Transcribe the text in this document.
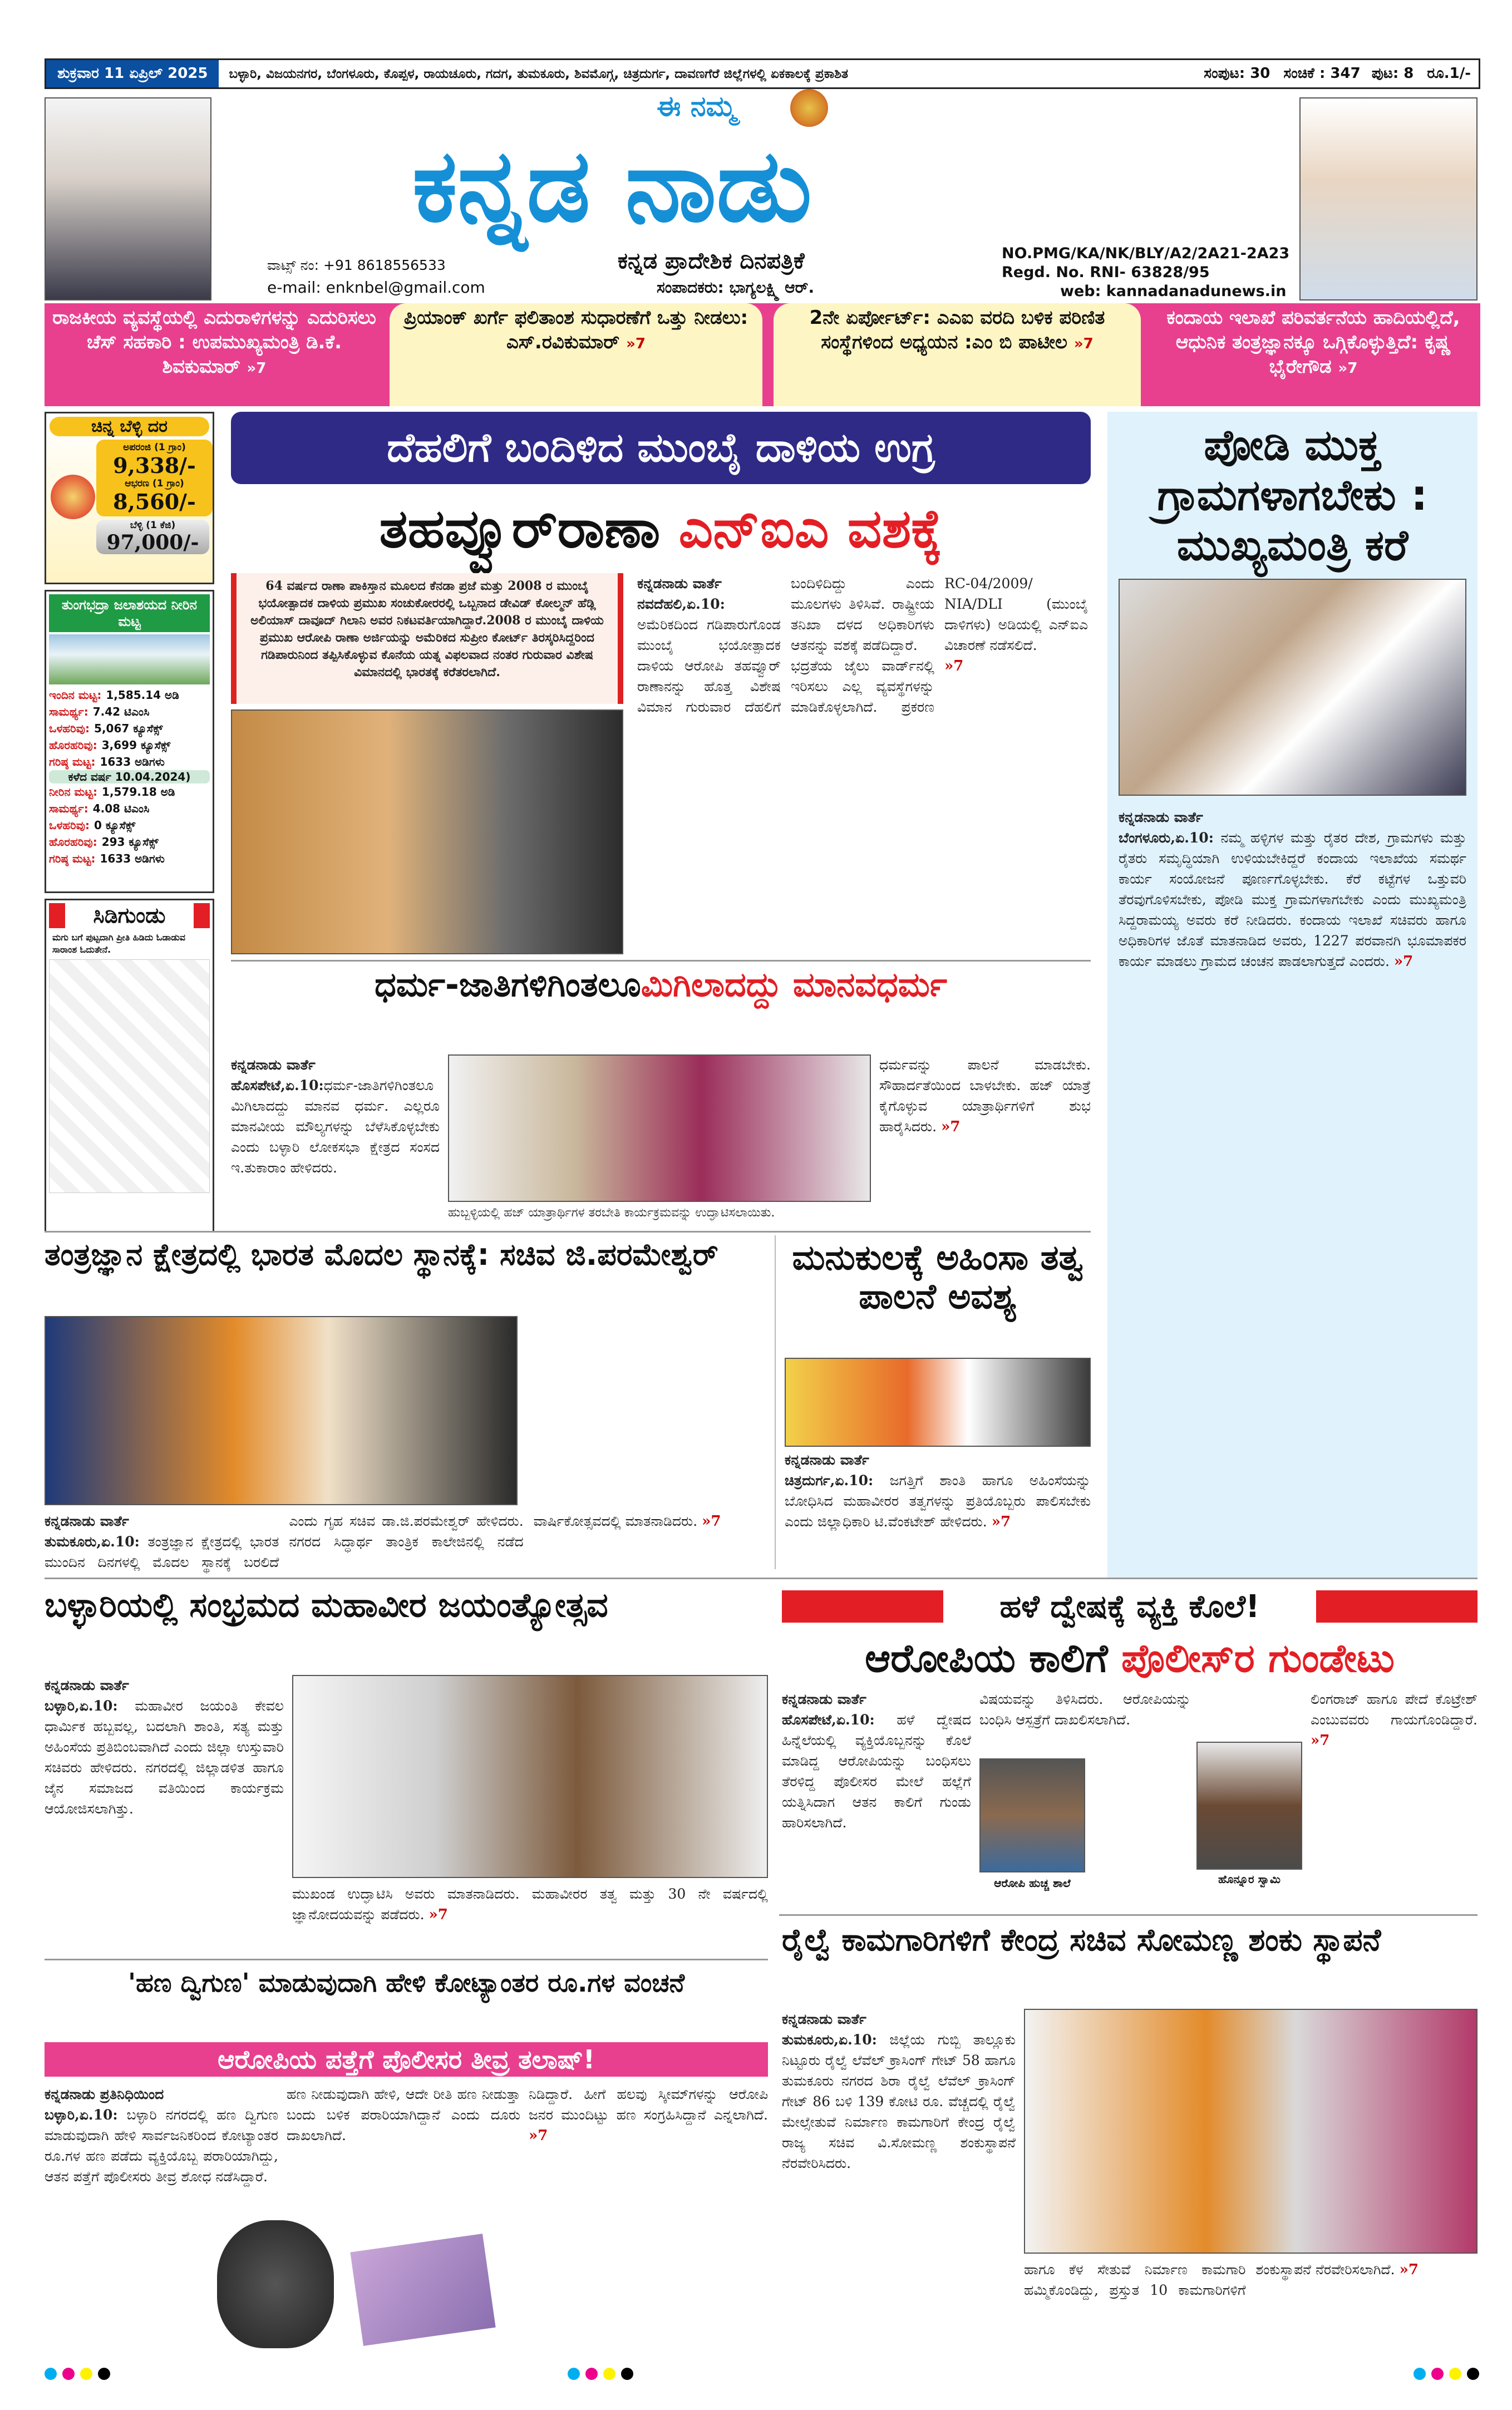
ಶುಕ್ರವಾರ 11 ಏಪ್ರಿಲ್ 2025	ಬಳ್ಳಾರಿ, ವಿಜಯನಗರ, ಬೆಂಗಳೂರು, ಕೊಪ್ಪಳ, ರಾಯಚೂರು, ಗದಗ, ತುಮಕೂರು, ಶಿವಮೊಗ್ಗ, ಚಿತ್ರದುರ್ಗ, ದಾವಣಗೆರೆ ಜಿಲ್ಲೆಗಳಲ್ಲಿ ಏಕಕಾಲಕ್ಕೆ ಪ್ರಕಾಶಿತ	ಸಂಪುಟ: 30 ಸಂಚಿಕೆ : 347 ಪುಟ: 8 ರೂ.1/-
ಈ ನಮ್ಮ
ಕನ್ನಡ ನಾಡು
ಕನ್ನಡ ಪ್ರಾದೇಶಿಕ ದಿನಪತ್ರಿಕೆ
ವಾಟ್ಸ್ ನಂ: +91 8618556533
e-mail: enknbel@gmail.com	ಸಂಪಾದಕರು: ಭಾಗ್ಯಲಕ್ಷ್ಮಿ ಆರ್.
NO.PMG/KA/NK/BLY/A2/2A21-2A23
Regd. No. RNI- 63828/95
web: kannadanadunews.in
ರಾಜಕೀಯ ವ್ಯವಸ್ಥೆಯಲ್ಲಿ ಎದುರಾಳಿಗಳನ್ನು ಎದುರಿಸಲು ಚೆಸ್ ಸಹಕಾರಿ : ಉಪಮುಖ್ಯಮಂತ್ರಿ ಡಿ.ಕೆ. ಶಿವಕುಮಾರ್ »7
ಪ್ರಿಯಾಂಕ್ ಖರ್ಗೆ ಫಲಿತಾಂಶ ಸುಧಾರಣೆಗೆ ಒತ್ತು ನೀಡಲು: ಎಸ್.ರವಿಕುಮಾರ್ »7
2ನೇ ಏರ್ಪೋರ್ಟ್: ಎಎಐ ವರದಿ ಬಳಿಕ ಪರಿಣಿತ ಸಂಸ್ಥೆಗಳಿಂದ ಅಧ್ಯಯನ :ಎಂ ಬಿ ಪಾಟೀಲ »7
ಕಂದಾಯ ಇಲಾಖೆ ಪರಿವರ್ತನೆಯ ಹಾದಿಯಲ್ಲಿದೆ, ಆಧುನಿಕ ತಂತ್ರಜ್ಞಾನಕ್ಕೂ ಒಗ್ಗಿಕೊಳ್ಳುತ್ತಿದೆ: ಕೃಷ್ಣ ಭೈರೇಗೌಡ »7
ಚಿನ್ನ ಬೆಳ್ಳಿ ದರ
ಅಪರಂಜಿ (1 ಗ್ರಾಂ)
9,338/-
ಆಭರಣ (1 ಗ್ರಾಂ)
8,560/-
ಬೆಳ್ಳಿ (1 ಕೆಜಿ)
97,000/-
ತುಂಗಭದ್ರಾ ಜಲಾಶಯದ ನೀರಿನ ಮಟ್ಟ
ಇಂದಿನ ಮಟ್ಟ: 1,585.14 ಅಡಿ
ಸಾಮರ್ಥ್ಯ: 7.42 ಟಿಎಂಸಿ
ಒಳಹರಿವು: 5,067 ಕ್ಯೂಸೆಕ್ಸ್
ಹೊರಹರಿವು: 3,699 ಕ್ಯೂಸೆಕ್ಸ್
ಗರಿಷ್ಠ ಮಟ್ಟ: 1633 ಅಡಿಗಳು
ಕಳೆದ ವರ್ಷ 10.04.2024)
ನೀರಿನ ಮಟ್ಟ: 1,579.18 ಅಡಿ
ಸಾಮರ್ಥ್ಯ: 4.08 ಟಿಎಂಸಿ
ಒಳಹರಿವು: 0 ಕ್ಯೂಸೆಕ್ಸ್
ಹೊರಹರಿವು: 293 ಕ್ಯೂಸೆಕ್ಸ್
ಗರಿಷ್ಠ ಮಟ್ಟ: 1633 ಅಡಿಗಳು
ಸಿಡಿಗುಂಡು
ಮಗು ಬಗೆ ಪುಟ್ಟದಾಗಿ ಪ್ರೀತಿ ಹಿಡಿದು ಓಡಾಡುವ ಸಾರಾಂಶ ಓದುತೇನೆ.
ದೆಹಲಿಗೆ ಬಂದಿಳಿದ ಮುಂಬೈ ದಾಳಿಯ ಉಗ್ರ
ತಹವ್ವೂರ್‌ರಾಣಾ ಎನ್‌ಐಎ ವಶಕ್ಕೆ
64 ವರ್ಷದ ರಾಣಾ ಪಾಕಿಸ್ತಾನ ಮೂಲದ ಕೆನಡಾ ಪ್ರಜೆ ಮತ್ತು 2008 ರ ಮುಂಬೈ ಭಯೋತ್ಪಾದಕ ದಾಳಿಯ ಪ್ರಮುಖ ಸಂಚುಕೋರರಲ್ಲಿ ಒಬ್ಬನಾದ ಡೇವಿಡ್ ಕೋಲ್ಮನ್ ಹೆಡ್ಲಿ ಅಲಿಯಾಸ್ ದಾವೂದ್ ಗಿಲಾನಿ ಅವರ ನಿಕಟವರ್ತಿಯಾಗಿದ್ದಾರೆ.2008 ರ ಮುಂಬೈ ದಾಳಿಯ ಪ್ರಮುಖ ಆರೋಪಿ ರಾಣಾ ಅರ್ಜಿಯನ್ನು ಅಮೆರಿಕದ ಸುಪ್ರೀಂ ಕೋರ್ಟ್ ತಿರಸ್ಕರಿಸಿದ್ದರಿಂದ ಗಡಿಪಾರುನಿಂದ ತಪ್ಪಿಸಿಕೊಳ್ಳುವ ಕೊನೆಯ ಯತ್ನ ವಿಫಲವಾದ ನಂತರ ಗುರುವಾರ ವಿಶೇಷ ವಿಮಾನದಲ್ಲಿ ಭಾರತಕ್ಕೆ ಕರೆತರಲಾಗಿದೆ.
ಕನ್ನಡನಾಡು ವಾರ್ತೆ
ನವದೆಹಲಿ,ಏ.10:

ಅಮೆರಿಕದಿಂದ ಗಡಿಪಾರುಗೊಂಡ ಮುಂಬೈ ಭಯೋತ್ಪಾದಕ ದಾಳಿಯ ಆರೋಪಿ ತಹವ್ವೂರ್ ರಾಣಾನನ್ನು ಹೊತ್ತ ವಿಶೇಷ ವಿಮಾನ ಗುರುವಾರ ದೆಹಲಿಗೆ ಬಂದಿಳಿದಿದ್ದು ಎಂದು ಮೂಲಗಳು ತಿಳಿಸಿವೆ. ರಾಷ್ಟ್ರೀಯ ತನಿಖಾ ದಳದ ಅಧಿಕಾರಿಗಳು ಆತನನ್ನು ವಶಕ್ಕೆ ಪಡೆದಿದ್ದಾರೆ.

ಭದ್ರತೆಯ ಜೈಲು ವಾರ್ಡ್‌ನಲ್ಲಿ ಇರಿಸಲು ಎಲ್ಲ ವ್ಯವಸ್ಥೆಗಳನ್ನು ಮಾಡಿಕೊಳ್ಳಲಾಗಿದೆ. ಪ್ರಕರಣ RC-04/2009/ NIA/DLI (ಮುಂಬೈ ದಾಳಿಗಳು) ಅಡಿಯಲ್ಲಿ ಎನ್‌ಐಎ ವಿಚಾರಣೆ ನಡೆಸಲಿದೆ.

»7
ಪೋಡಿ ಮುಕ್ತ ಗ್ರಾಮಗಳಾಗಬೇಕು : ಮುಖ್ಯಮಂತ್ರಿ ಕರೆ
ಕನ್ನಡನಾಡು ವಾರ್ತೆ
ಬೆಂಗಳೂರು,ಏ.10: ನಮ್ಮ ಹಳ್ಳಿಗಳ ಮತ್ತು ರೈತರ ದೇಶ, ಗ್ರಾಮಗಳು ಮತ್ತು ರೈತರು ಸಮೃದ್ಧಿಯಾಗಿ ಉಳಿಯಬೇಕಿದ್ದರೆ ಕಂದಾಯ ಇಲಾಖೆಯ ಸಮರ್ಥ ಕಾರ್ಯ ಸಂಯೋಜನೆ ಪೂರ್ಣಗೊಳ್ಳಬೇಕು. ಕೆರೆ ಕಟ್ಟೆಗಳ ಒತ್ತುವರಿ ತೆರವುಗೊಳಿಸಬೇಕು, ಪೋಡಿ ಮುಕ್ತ ಗ್ರಾಮಗಳಾಗಬೇಕು ಎಂದು ಮುಖ್ಯಮಂತ್ರಿ ಸಿದ್ದರಾಮಯ್ಯ ಅವರು ಕರೆ ನೀಡಿದರು. ಕಂದಾಯ ಇಲಾಖೆ ಸಚಿವರು ಹಾಗೂ ಅಧಿಕಾರಿಗಳ ಜೊತೆ ಮಾತನಾಡಿದ ಅವರು, 1227 ಪರವಾನಗಿ ಭೂಮಾಪಕರ ಕಾರ್ಯ ಮಾಡಲು ಗ್ರಾಮದ ಚಂಚನ ಪಾಡಲಾಗುತ್ತದೆ ಎಂದರು. »7
ಧರ್ಮ-ಜಾತಿಗಳಿಗಿಂತಲೂಮಿಗಿಲಾದದ್ದು ಮಾನವಧರ್ಮ
ಕನ್ನಡನಾಡು ವಾರ್ತೆ
ಹೊಸಪೇಟೆ,ಏ.10:ಧರ್ಮ-ಜಾತಿಗಳಿಗಿಂತಲೂ ಮಿಗಿಲಾದದ್ದು ಮಾನವ ಧರ್ಮ. ಎಲ್ಲರೂ ಮಾನವೀಯ ಮೌಲ್ಯಗಳನ್ನು ಬೆಳೆಸಿಕೊಳ್ಳಬೇಕು ಎಂದು ಬಳ್ಳಾರಿ ಲೋಕಸಭಾ ಕ್ಷೇತ್ರದ ಸಂಸದ ಇ.ತುಕಾರಾಂ ಹೇಳಿದರು.
ಹುಬ್ಬಳ್ಳಿಯಲ್ಲಿ ಹಜ್ ಯಾತ್ರಾರ್ಥಿಗಳ ತರಬೇತಿ ಕಾರ್ಯಕ್ರಮವನ್ನು ಉದ್ಘಾಟಿಸಲಾಯಿತು.
ಧರ್ಮವನ್ನು ಪಾಲನೆ ಮಾಡಬೇಕು. ಸೌಹಾರ್ದತೆಯಿಂದ ಬಾಳಬೇಕು. ಹಜ್ ಯಾತ್ರೆ ಕೈಗೊಳ್ಳುವ ಯಾತ್ರಾರ್ಥಿಗಳಿಗೆ ಶುಭ ಹಾರೈಸಿದರು. »7
ತಂತ್ರಜ್ಞಾನ ಕ್ಷೇತ್ರದಲ್ಲಿ ಭಾರತ ಮೊದಲ ಸ್ಥಾನಕ್ಕೆ: ಸಚಿವ ಜಿ.ಪರಮೇಶ್ವರ್
ಕನ್ನಡನಾಡು ವಾರ್ತೆ
ತುಮಕೂರು,ಏ.10: ತಂತ್ರಜ್ಞಾನ ಕ್ಷೇತ್ರದಲ್ಲಿ ಭಾರತ ಮುಂದಿನ ದಿನಗಳಲ್ಲಿ ಮೊದಲ ಸ್ಥಾನಕ್ಕೆ ಬರಲಿದೆ ಎಂದು ಗೃಹ ಸಚಿವ ಡಾ.ಜಿ.ಪರಮೇಶ್ವರ್ ಹೇಳಿದರು. ನಗರದ ಸಿದ್ಧಾರ್ಥ ತಾಂತ್ರಿಕ ಕಾಲೇಜಿನಲ್ಲಿ ನಡೆದ ವಾರ್ಷಿಕೋತ್ಸವದಲ್ಲಿ ಮಾತನಾಡಿದರು. »7
ಮನುಕುಲಕ್ಕೆ ಅಹಿಂಸಾ ತತ್ವ ಪಾಲನೆ ಅವಶ್ಯ
ಕನ್ನಡನಾಡು ವಾರ್ತೆ
ಚಿತ್ರದುರ್ಗ,ಏ.10: ಜಗತ್ತಿಗೆ ಶಾಂತಿ ಹಾಗೂ ಅಹಿಂಸೆಯನ್ನು ಬೋಧಿಸಿದ ಮಹಾವೀರರ ತತ್ವಗಳನ್ನು ಪ್ರತಿಯೊಬ್ಬರು ಪಾಲಿಸಬೇಕು ಎಂದು ಜಿಲ್ಲಾಧಿಕಾರಿ ಟಿ.ವೆಂಕಟೇಶ್ ಹೇಳಿದರು. »7
ಬಳ್ಳಾರಿಯಲ್ಲಿ ಸಂಭ್ರಮದ ಮಹಾವೀರ ಜಯಂತ್ಯೋತ್ಸವ
ಕನ್ನಡನಾಡು ವಾರ್ತೆ
ಬಳ್ಳಾರಿ,ಏ.10: ಮಹಾವೀರ ಜಯಂತಿ ಕೇವಲ ಧಾರ್ಮಿಕ ಹಬ್ಬವಲ್ಲ, ಬದಲಾಗಿ ಶಾಂತಿ, ಸತ್ಯ ಮತ್ತು ಅಹಿಂಸೆಯ ಪ್ರತಿಬಿಂಬವಾಗಿದೆ ಎಂದು ಜಿಲ್ಲಾ ಉಸ್ತುವಾರಿ ಸಚಿವರು ಹೇಳಿದರು. ನಗರದಲ್ಲಿ ಜಿಲ್ಲಾಡಳಿತ ಹಾಗೂ ಜೈನ ಸಮಾಜದ ವತಿಯಿಂದ ಕಾರ್ಯಕ್ರಮ ಆಯೋಜಿಸಲಾಗಿತ್ತು.
ಮುಖಂಡ ಉದ್ಘಾಟಿಸಿ ಅವರು ಮಾತನಾಡಿದರು. ಮಹಾವೀರರ ತತ್ವ ಮತ್ತು 30 ನೇ ವರ್ಷದಲ್ಲಿ ಜ್ಞಾನೋದಯವನ್ನು ಪಡೆದರು. »7
ಹಳೆ ದ್ವೇಷಕ್ಕೆ ವ್ಯಕ್ತಿ ಕೊಲೆ!
ಆರೋಪಿಯ ಕಾಲಿಗೆ ಪೊಲೀಸ್‌ರ ಗುಂಡೇಟು
ಕನ್ನಡನಾಡು ವಾರ್ತೆ
ಹೊಸಪೇಟೆ,ಏ.10: ಹಳೆ ದ್ವೇಷದ ಹಿನ್ನೆಲೆಯಲ್ಲಿ ವ್ಯಕ್ತಿಯೊಬ್ಬನನ್ನು ಕೊಲೆ ಮಾಡಿದ್ದ ಆರೋಪಿಯನ್ನು ಬಂಧಿಸಲು ತೆರಳಿದ್ದ ಪೊಲೀಸರ ಮೇಲೆ ಹಲ್ಲೆಗೆ ಯತ್ನಿಸಿದಾಗ ಆತನ ಕಾಲಿಗೆ ಗುಂಡು ಹಾರಿಸಲಾಗಿದೆ.
ವಿಷಯವನ್ನು ತಿಳಿಸಿದರು. ಆರೋಪಿಯನ್ನು ಬಂಧಿಸಿ ಆಸ್ಪತ್ರೆಗೆ ದಾಖಲಿಸಲಾಗಿದೆ.
ಆರೋಪಿ ಹುಚ್ಚ ಶಾಲೆ	ಹೊನ್ನೂರ ಸ್ವಾಮಿ
ಲಿಂಗರಾಜ್ ಹಾಗೂ ಪೇದೆ ಕೊಟ್ರೇಶ್ ಎಂಬುವವರು ಗಾಯಗೊಂಡಿದ್ದಾರೆ. »7
ರೈಲ್ವೆ ಕಾಮಗಾರಿಗಳಿಗೆ ಕೇಂದ್ರ ಸಚಿವ ಸೋಮಣ್ಣ ಶಂಕು ಸ್ಥಾಪನೆ
ಕನ್ನಡನಾಡು ವಾರ್ತೆ
ತುಮಕೂರು,ಏ.10: ಜಿಲ್ಲೆಯ ಗುಬ್ಬಿ ತಾಲ್ಲೂಕು ನಿಟ್ಟೂರು ರೈಲ್ವೆ ಲೆವೆಲ್ ಕ್ರಾಸಿಂಗ್ ಗೇಟ್ 58 ಹಾಗೂ ತುಮಕೂರು ನಗರದ ಶಿರಾ ರೈಲ್ವೆ ಲೆವೆಲ್ ಕ್ರಾಸಿಂಗ್ ಗೇಟ್ 86 ಬಳಿ 139 ಕೋಟಿ ರೂ. ವೆಚ್ಚದಲ್ಲಿ ರೈಲ್ವೆ ಮೇಲ್ಸೇತುವೆ ನಿರ್ಮಾಣ ಕಾಮಗಾರಿಗೆ ಕೇಂದ್ರ ರೈಲ್ವೆ ರಾಜ್ಯ ಸಚಿವ ವಿ.ಸೋಮಣ್ಣ ಶಂಕುಸ್ಥಾಪನೆ ನೆರವೇರಿಸಿದರು.
ಹಾಗೂ ಕೆಳ ಸೇತುವೆ ನಿರ್ಮಾಣ ಕಾಮಗಾರಿ ಹಮ್ಮಿಕೊಂಡಿದ್ದು, ಪ್ರಸ್ತುತ 10 ಕಾಮಗಾರಿಗಳಿಗೆ ಶಂಕುಸ್ಥಾಪನೆ ನೆರವೇರಿಸಲಾಗಿದೆ. »7
'ಹಣ ದ್ವಿಗುಣ' ಮಾಡುವುದಾಗಿ ಹೇಳಿ ಕೋಟ್ಯಾಂತರ ರೂ.ಗಳ ವಂಚನೆ
ಆರೋಪಿಯ ಪತ್ತೆಗೆ ಪೊಲೀಸರ ತೀವ್ರ ತಲಾಷ್!
ಕನ್ನಡನಾಡು ಪ್ರತಿನಿಧಿಯಿಂದ
ಬಳ್ಳಾರಿ,ಏ.10: ಬಳ್ಳಾರಿ ನಗರದಲ್ಲಿ ಹಣ ದ್ವಿಗುಣ ಮಾಡುವುದಾಗಿ ಹೇಳಿ ಸಾರ್ವಜನಿಕರಿಂದ ಕೋಟ್ಯಾಂತರ ರೂ.ಗಳ ಹಣ ಪಡೆದು ವ್ಯಕ್ತಿಯೊಬ್ಬ ಪರಾರಿಯಾಗಿದ್ದು, ಆತನ ಪತ್ತೆಗೆ ಪೊಲೀಸರು ತೀವ್ರ ಶೋಧ ನಡೆಸಿದ್ದಾರೆ.
ಹಣ ನೀಡುವುದಾಗಿ ಹೇಳಿ, ಆದೇ ರೀತಿ ಹಣ ನೀಡುತ್ತಾ ಬಂದು ಬಳಿಕ ಪರಾರಿಯಾಗಿದ್ದಾನೆ ಎಂದು ದೂರು ದಾಖಲಾಗಿದೆ.
ನಿಡಿದ್ದಾರೆ. ಹೀಗೆ ಹಲವು ಸ್ಕೀಮ್‌ಗಳನ್ನು ಆರೋಪಿ ಜನರ ಮುಂದಿಟ್ಟು ಹಣ ಸಂಗ್ರಹಿಸಿದ್ದಾನೆ ಎನ್ನಲಾಗಿದೆ. »7
